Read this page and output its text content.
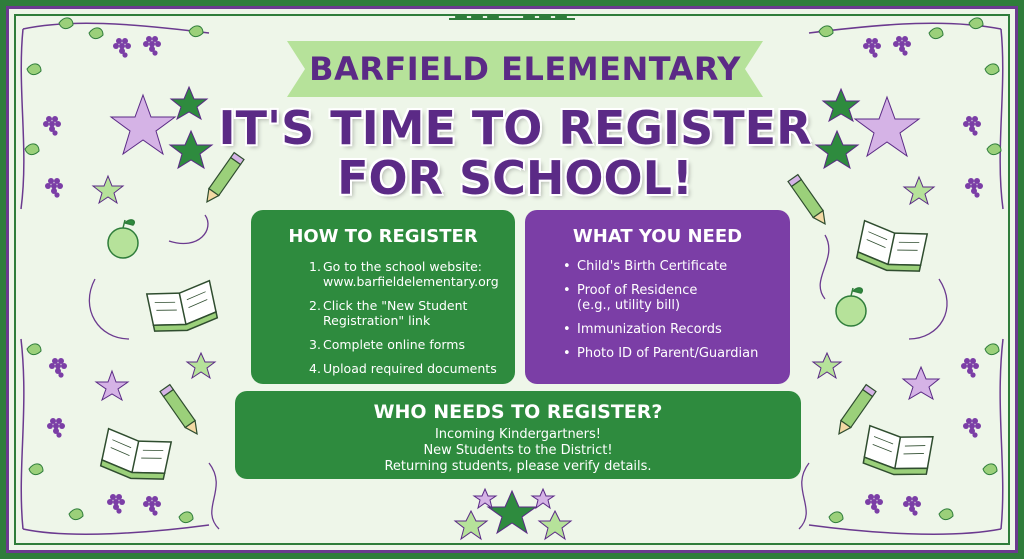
BARFIELD ELEMENTARY
IT'S TIME TO REGISTER
FOR SCHOOL!
HOW TO REGISTER
1. Go to the school website:
www.barfieldelementary.org
2. Click the "New Student
Registration" link
3. Complete online forms
4. Upload required documents
WHAT YOU NEED
• Child's Birth Certificate
• Proof of Residence
(e.g., utility bill)
• Immunization Records
• Photo ID of Parent/Guardian
WHO NEEDS TO REGISTER?
Incoming Kindergartners!
New Students to the District!
Returning students, please verify details.
